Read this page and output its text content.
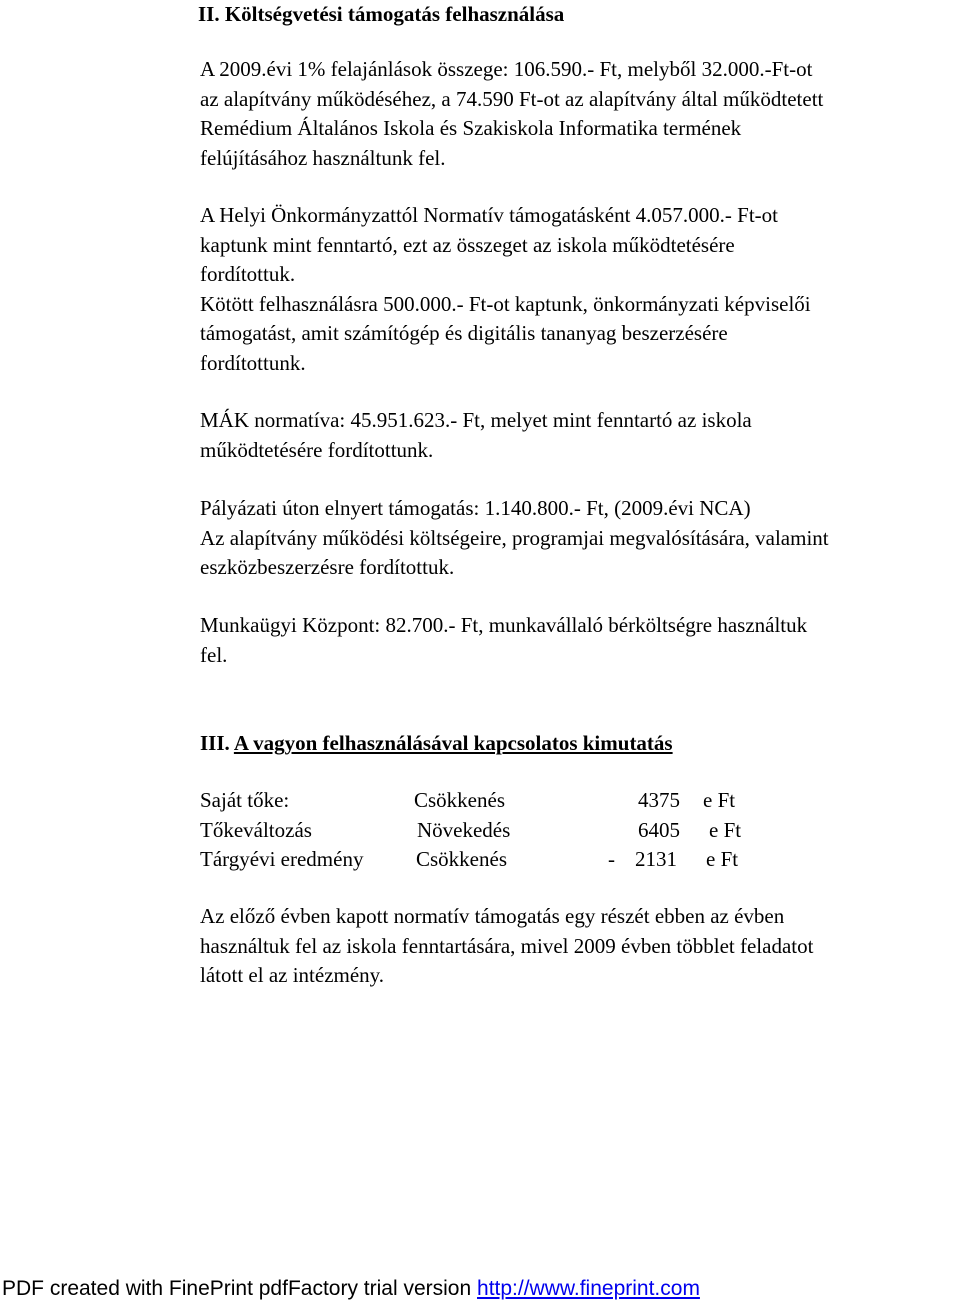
II. Költségvetési támogatás felhasználása
A 2009.évi 1% felajánlások összege: 106.590.- Ft, melyből 32.000.-Ft-ot
az alapítvány működéséhez, a 74.590 Ft-ot az alapítvány által működtetett
Remédium Általános Iskola és Szakiskola Informatika termének
felújításához használtunk fel.
A Helyi Önkormányzattól Normatív támogatásként 4.057.000.- Ft-ot
kaptunk mint fenntartó, ezt az összeget az iskola működtetésére
fordítottuk.
Kötött felhasználásra 500.000.- Ft-ot kaptunk, önkormányzati képviselői
támogatást, amit számítógép és digitális tananyag beszerzésére
fordítottunk.
MÁK normatíva: 45.951.623.- Ft, melyet mint fenntartó az iskola
működtetésére fordítottunk.
Pályázati úton elnyert támogatás: 1.140.800.- Ft, (2009.évi NCA)
Az alapítvány működési költségeire, programjai megvalósítására, valamint
eszközbeszerzésre fordítottuk.
Munkaügyi Központ: 82.700.- Ft, munkavállaló bérköltségre használtuk
fel.
III. A vagyon felhasználásával kapcsolatos kimutatás
Saját tőke:	Csökkenés	4375 e Ft
Tőkeváltozás	Növekedés	6405 e Ft
Tárgyévi eredmény	Csökkenés	- 2131 e Ft
Az előző évben kapott normatív támogatás egy részét ebben az évben
használtuk fel az iskola fenntartására, mivel 2009 évben többlet feladatot
látott el az intézmény.
PDF created with FinePrint pdfFactory trial version http://www.fineprint.com
